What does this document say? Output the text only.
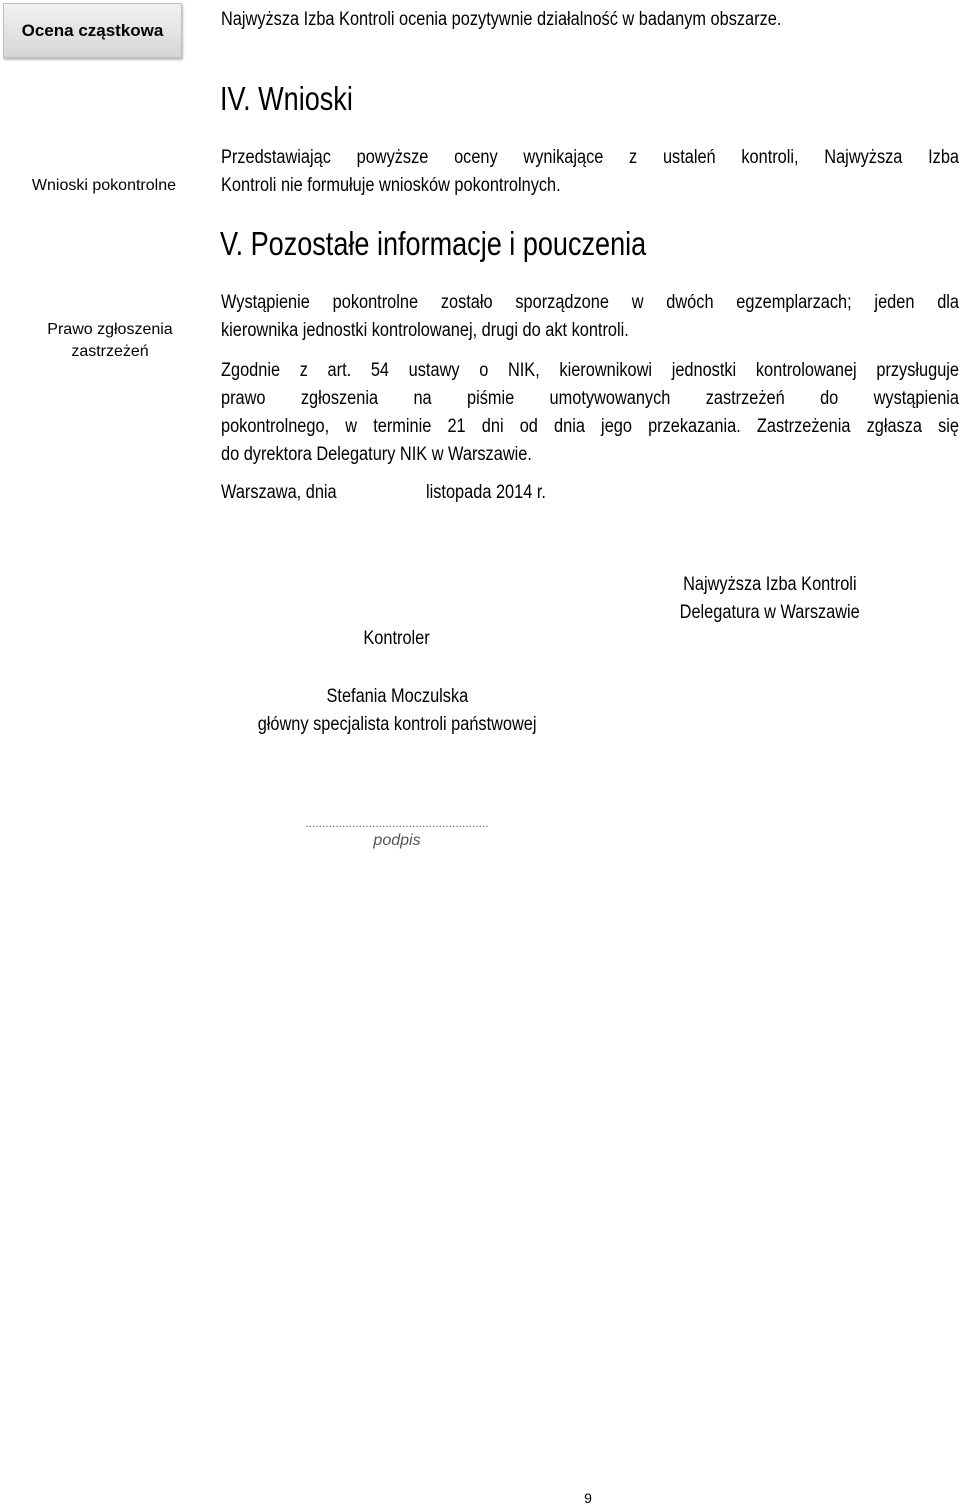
Ocena cząstkowa	Najwyższa Izba Kontroli ocenia pozytywnie działalność w badanym obszarze.
IV. Wnioski
Wnioski pokontrolne
Przedstawiając powyższe oceny wynikające z ustaleń kontroli, Najwyższa Izba
Kontroli nie formułuje wniosków pokontrolnych.
V. Pozostałe informacje i pouczenia
Prawo zgłoszenia
zastrzeżeń
Wystąpienie pokontrolne zostało sporządzone w dwóch egzemplarzach; jeden dla
kierownika jednostki kontrolowanej, drugi do akt kontroli.
Zgodnie z art. 54 ustawy o NIK, kierownikowi jednostki kontrolowanej przysługuje
prawo zgłoszenia na piśmie umotywowanych zastrzeżeń do wystąpienia
pokontrolnego, w terminie 21 dni od dnia jego przekazania. Zastrzeżenia zgłasza się
do dyrektora Delegatury NIK w Warszawie.
Warszawa, dnia	listopada 2014 r.
Najwyższa Izba Kontroli
Delegatura w Warszawie
Kontroler
Stefania Moczulska
główny specjalista kontroli państwowej
.......................................................
podpis
9
